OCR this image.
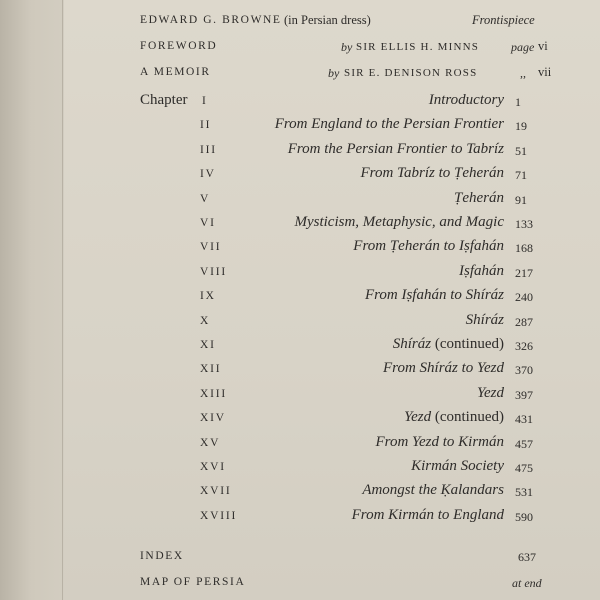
EDWARD G. BROWNE (in Persian dress)	Frontispiece
FOREWORD	by SIR ELLIS H. MINNS	page vi
A MEMOIR	by SIR E. DENISON ROSS	,, vii
Chapter I	Introductory 1
II	From England to the Persian Frontier 19
III	From the Persian Frontier to Tabríz 51
IV	From Tabríz to Ṭeherán 71
V	Ṭeherán 91
VI	Mysticism, Metaphysic, and Magic 133
VII	From Ṭeherán to Iṣfahán 168
VIII	Iṣfahán 217
IX	From Iṣfahán to Shíráz 240
X	Shíráz 287
XI	Shíráz (continued) 326
XII	From Shíráz to Yezd 370
XIII	Yezd 397
XIV	Yezd (continued) 431
XV	From Yezd to Kirmán 457
XVI	Kirmán Society 475
XVII	Amongst the Ḳalandars 531
XVIII	From Kirmán to England 590
INDEX	637
MAP OF PERSIA	at end
